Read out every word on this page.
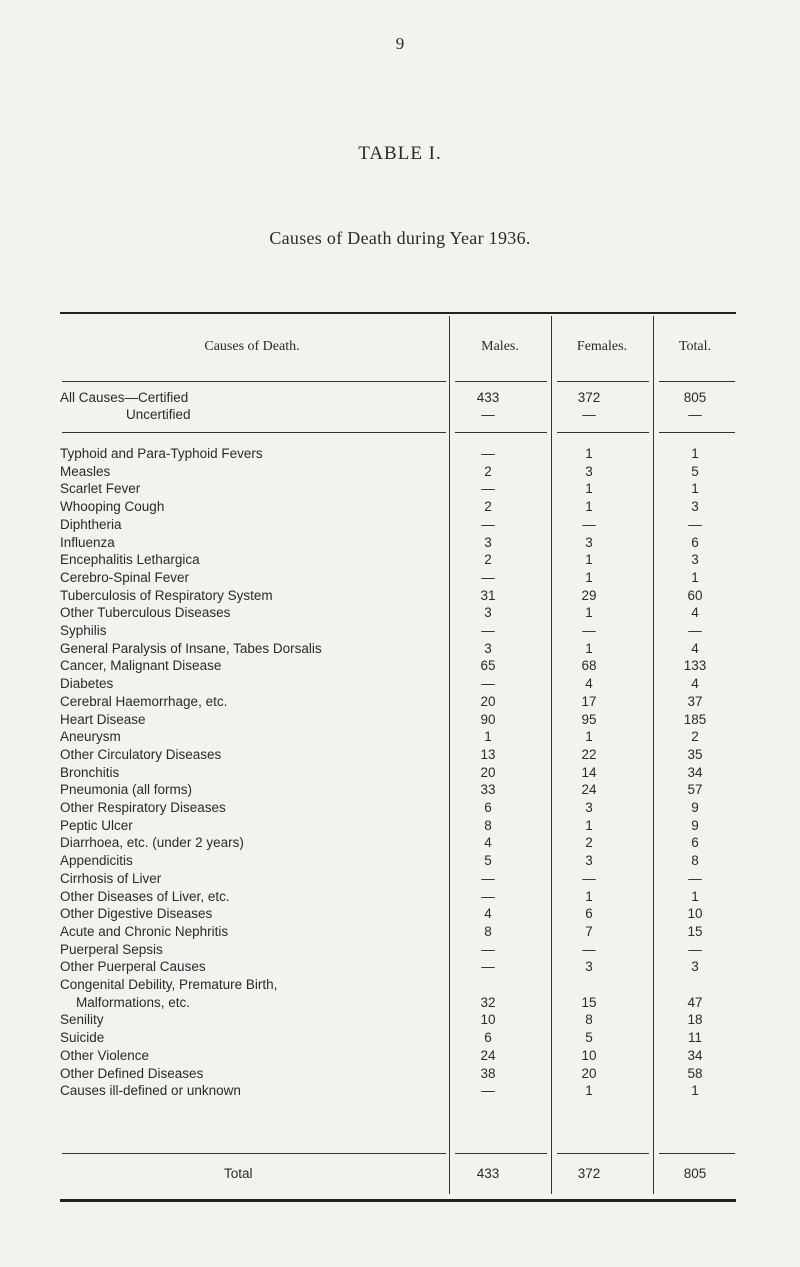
9
TABLE I.
Causes of Death during Year 1936.
Causes of Death.	Males.	Females.	Total.
All Causes—Certified	433	372	805
Uncertified	—	—	—
Typhoid and Para-Typhoid Fevers	—	1	1
Measles	2	3	5
Scarlet Fever	—	1	1
Whooping Cough	2	1	3
Diphtheria	—	—	—
Influenza	3	3	6
Encephalitis Lethargica	2	1	3
Cerebro-Spinal Fever	—	1	1
Tuberculosis of Respiratory System	31	29	60
Other Tuberculous Diseases	3	1	4
Syphilis	—	—	—
General Paralysis of Insane, Tabes Dorsalis	3	1	4
Cancer, Malignant Disease	65	68	133
Diabetes	—	4	4
Cerebral Haemorrhage, etc.	20	17	37
Heart Disease	90	95	185
Aneurysm	1	1	2
Other Circulatory Diseases	13	22	35
Bronchitis	20	14	34
Pneumonia (all forms)	33	24	57
Other Respiratory Diseases	6	3	9
Peptic Ulcer	8	1	9
Diarrhoea, etc. (under 2 years)	4	2	6
Appendicitis	5	3	8
Cirrhosis of Liver	—	—	—
Other Diseases of Liver, etc.	—	1	1
Other Digestive Diseases	4	6	10
Acute and Chronic Nephritis	8	7	15
Puerperal Sepsis	—	—	—
Other Puerperal Causes	—	3	3
Congenital Debility, Premature Birth,
Malformations, etc.	32	15	47
Senility	10	8	18
Suicide	6	5	11
Other Violence	24	10	34
Other Defined Diseases	38	20	58
Causes ill-defined or unknown	—	1	1
Total	433	372	805
